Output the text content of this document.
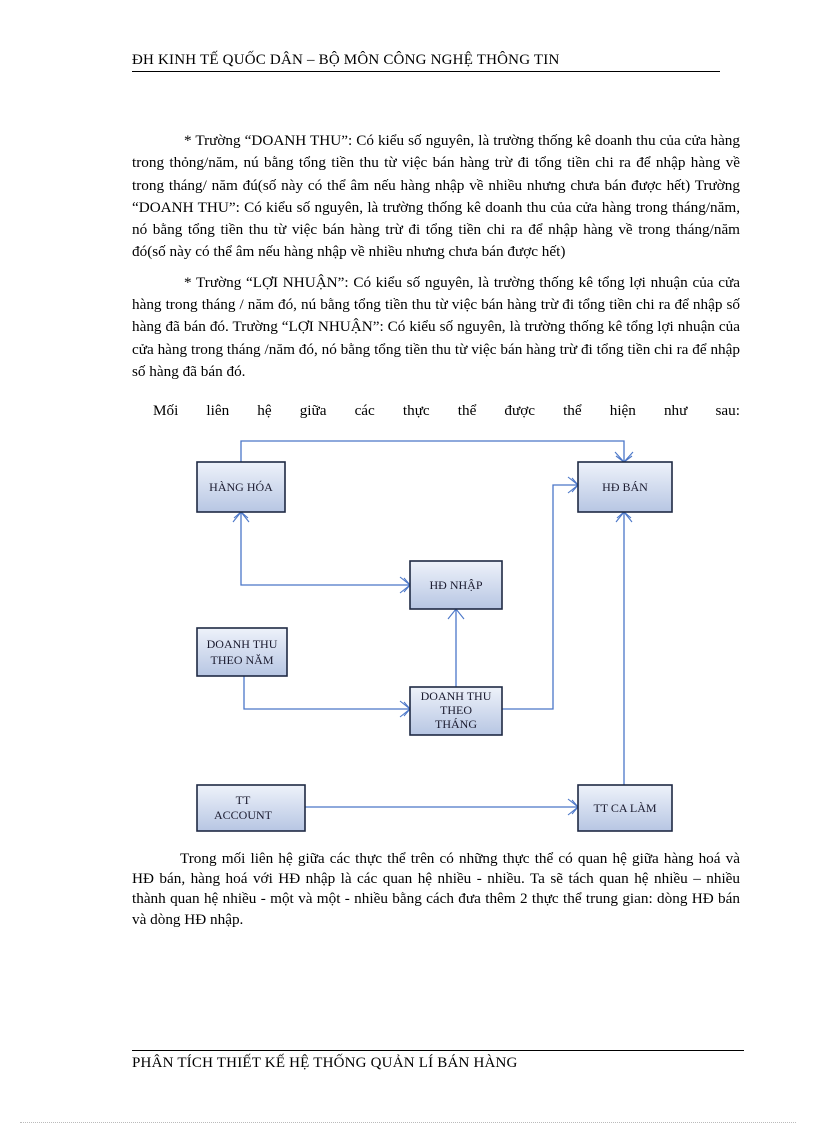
ĐH KINH TẾ QUỐC DÂN – BỘ MÔN CÔNG NGHỆ THÔNG TIN

* Trường “DOANH THU”: Có kiểu số nguyên, là trường thống kê doanh thu của cửa hàng trong thỏng/năm, nú bằng tổng tiền thu từ việc bán hàng trừ đi tổng tiền chi ra để nhập hàng về trong tháng/ năm đú(số này có thể âm nếu hàng nhập về nhiều nhưng chưa bán được hết) Trường “DOANH THU”: Có kiểu số nguyên, là trường thống kê doanh thu của cửa hàng trong tháng/năm, nó bằng tổng tiền thu từ việc bán hàng trừ đi tổng tiền chi ra để nhập hàng về trong tháng/năm đó(số này có thể âm nếu hàng nhập về nhiều nhưng chưa bán được hết)

* Trường “LỢI NHUẬN”: Có kiểu số nguyên, là trường thống kê tổng lợi nhuận của cửa hàng trong tháng / năm đó, nú bằng tổng tiền thu từ việc bán hàng trừ đi tổng tiền chi ra để nhập số hàng đã bán đó. Trường “LỢI NHUẬN”: Có kiểu số nguyên, là trường thống kê tổng lợi nhuận của cửa hàng trong tháng /năm đó, nó bằng tổng tiền thu từ việc bán hàng trừ đi tổng tiền chi ra để nhập số hàng đã bán đó.

Mối liên hệ giữa các thực thể được thể hiện như sau:
HÀNG HÓA	HĐ BÁN
HĐ NHẬP
DOANH THU
THEO NĂM
DOANH THU
THEO
THÁNG
TT
ACCOUNT	TT CA LÀM

Trong mối liên hệ giữa các thực thể trên có những thực thể có quan hệ giữa hàng hoá và HĐ bán, hàng hoá với HĐ nhập là các quan hệ nhiều - nhiều. Ta sẽ tách quan hệ nhiều – nhiều thành quan hệ nhiều - một và một - nhiều bằng cách đưa thêm 2 thực thể trung gian: dòng HĐ bán và dòng HĐ nhập.

PHÂN TÍCH THIẾT KẾ HỆ THỐNG QUẢN LÍ BÁN HÀNG
